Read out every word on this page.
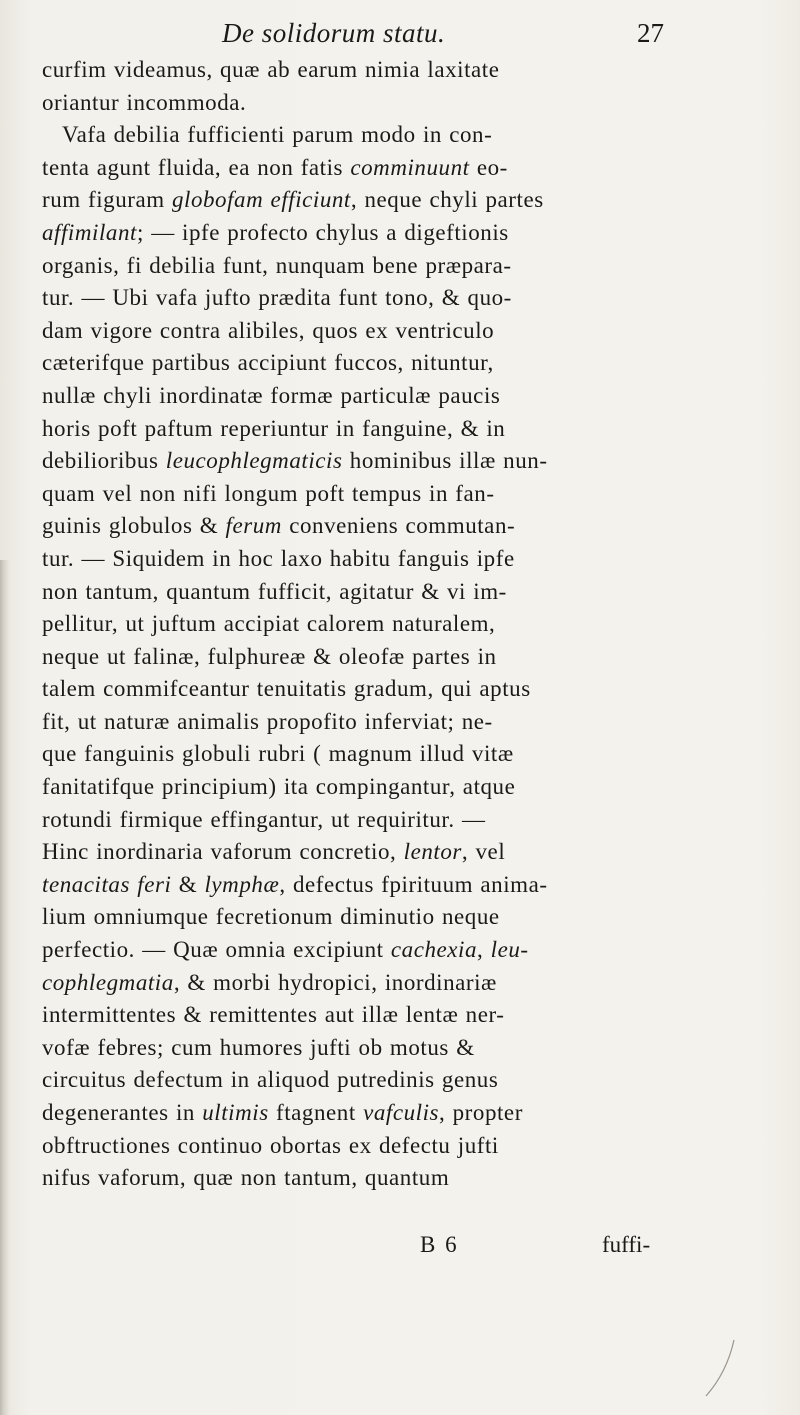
De solidorum statu.	27
curfim videamus, quæ ab earum nimia laxitate
oriantur incommoda.
Vafa debilia fufficienti parum modo in con-
tenta agunt fluida, ea non fatis comminuunt eo-
rum figuram globofam efficiunt, neque chyli partes
affimilant; — ipfe profecto chylus a digeftionis
organis, fi debilia funt, nunquam bene præpara-
tur. — Ubi vafa jufto prædita funt tono, & quo-
dam vigore contra alibiles, quos ex ventriculo
cæterifque partibus accipiunt fuccos, nituntur,
nullæ chyli inordinatæ formæ particulæ paucis
horis poft paftum reperiuntur in fanguine, & in
debilioribus leucophlegmaticis hominibus illæ nun-
quam vel non nifi longum poft tempus in fan-
guinis globulos & ferum conveniens commutan-
tur. — Siquidem in hoc laxo habitu fanguis ipfe
non tantum, quantum fufficit, agitatur & vi im-
pellitur, ut juftum accipiat calorem naturalem,
neque ut falinæ, fulphureæ & oleofæ partes in
talem commifceantur tenuitatis gradum, qui aptus
fit, ut naturæ animalis propofito inferviat; ne-
que fanguinis globuli rubri ( magnum illud vitæ
fanitatifque principium) ita compingantur, atque
rotundi firmique effingantur, ut requiritur. —
Hinc inordinaria vaforum concretio, lentor, vel
tenacitas feri & lymphæ, defectus fpirituum anima-
lium omniumque fecretionum diminutio neque
perfectio. — Quæ omnia excipiunt cachexia, leu-
cophlegmatia, & morbi hydropici, inordinariæ
intermittentes & remittentes aut illæ lentæ ner-
vofæ febres; cum humores jufti ob motus &
circuitus defectum in aliquod putredinis genus
degenerantes in ultimis ftagnent vafculis, propter
obftructiones continuo obortas ex defectu jufti
nifus vaforum, quæ non tantum, quantum
B 6	fuffi-
